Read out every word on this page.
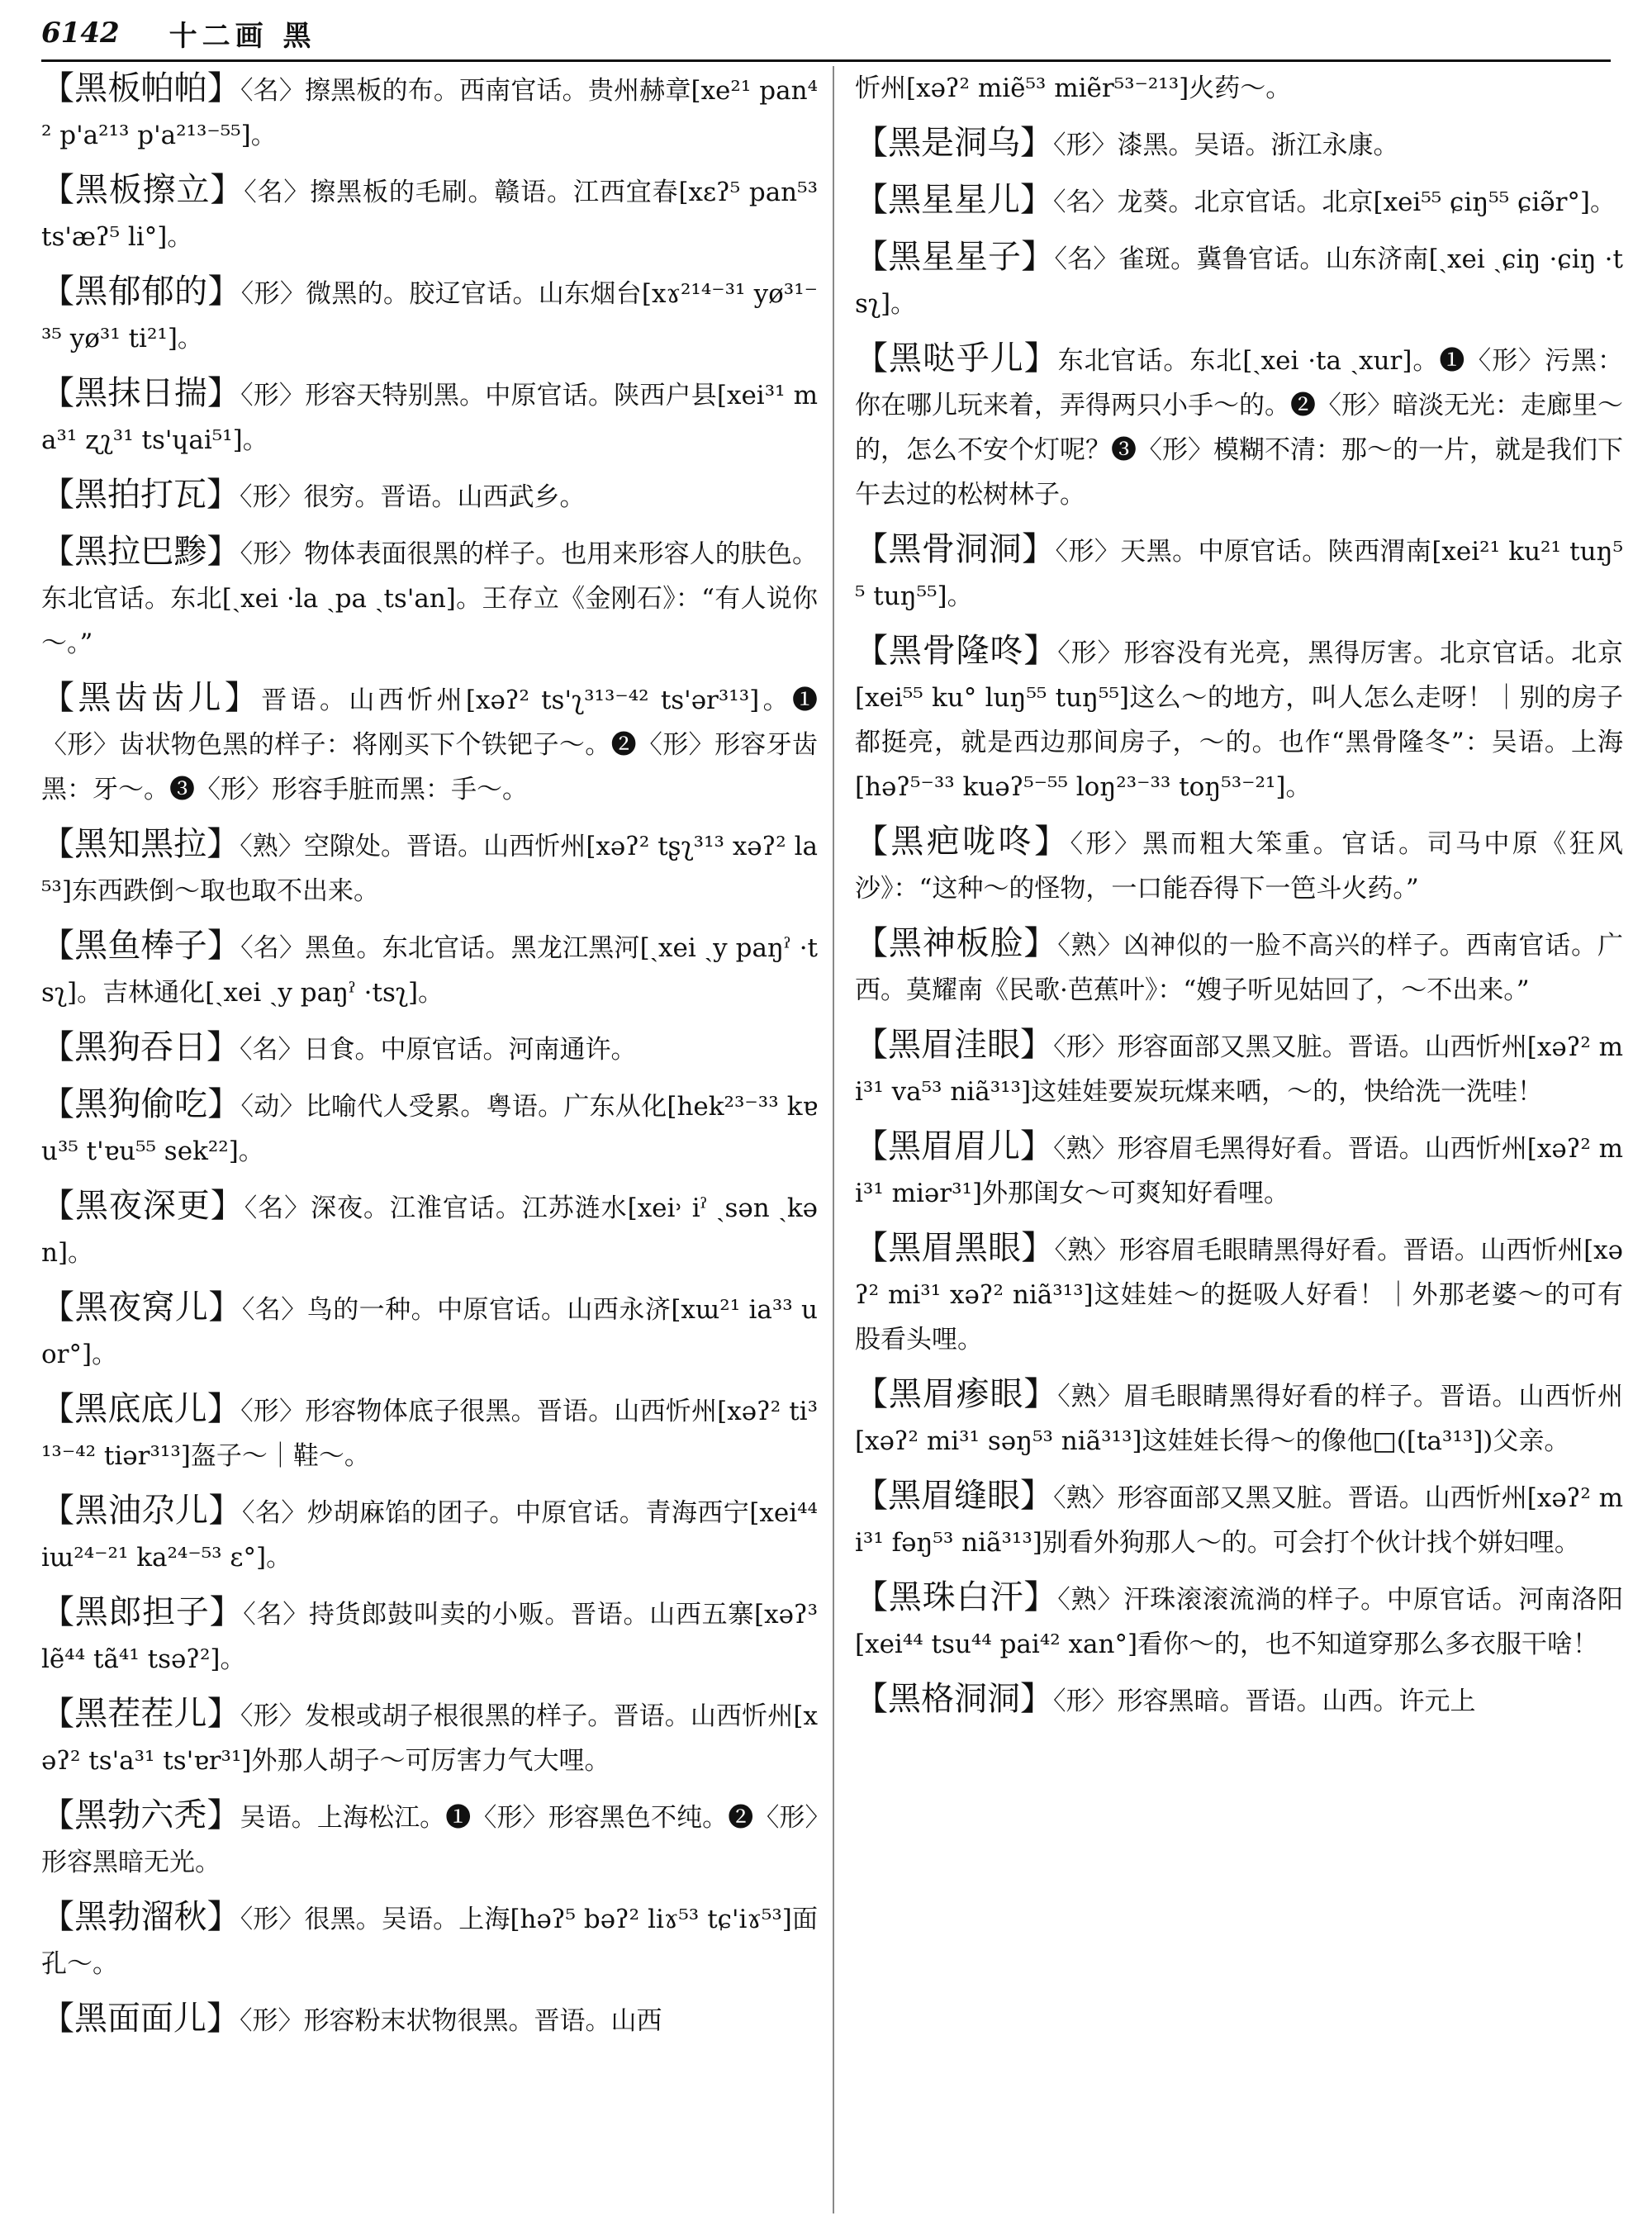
6142 十二画 黑
【黑板帕帕】〈名〉擦黑板的布。西南官话。贵州赫章[xe²¹ pan⁴² p'a²¹³ p'a²¹³⁻⁵⁵]。
【黑板擦立】〈名〉擦黑板的毛刷。赣语。江西宜春[xɛʔ⁵ pan⁵³ ts'æʔ⁵ li°]。
【黑郁郁的】〈形〉微黑的。胶辽官话。山东烟台[xɤ²¹⁴⁻³¹ yø³¹⁻³⁵ yø³¹ ti²¹]。
【黑抹日揣】〈形〉形容天特别黑。中原官话。陕西户县[xei³¹ ma³¹ ʐʅ³¹ ts'ɥai⁵¹]。
【黑拍打瓦】〈形〉很穷。晋语。山西武乡。
【黑拉巴黪】〈形〉物体表面很黑的样子。也用来形容人的肤色。东北官话。东北[ˏxei ·la ˏpa ˏts'an]。王存立《金刚石》：“有人说你～。”
【黑齿齿儿】晋语。山西忻州[xəʔ² ts'ʅ³¹³⁻⁴² ts'ər³¹³]。❶〈形〉齿状物色黑的样子：将刚买下个铁钯子～。❷〈形〉形容牙齿黑：牙～。❸〈形〉形容手脏而黑：手～。
【黑知黑拉】〈熟〉空隙处。晋语。山西忻州[xəʔ² tʂʅ³¹³ xəʔ² la⁵³]东西跌倒～取也取不出来。
【黑鱼棒子】〈名〉黑鱼。东北官话。黑龙江黑河[ˏxei ˏy paŋˀ ·tsʅ]。吉林通化[ˏxei ˏy paŋˀ ·tsʅ]。
【黑狗吞日】〈名〉日食。中原官话。河南通许。
【黑狗偷吃】〈动〉比喻代人受累。粤语。广东从化[hek²³⁻³³ kɐu³⁵ t'ɐu⁵⁵ sek²²]。
【黑夜深更】〈名〉深夜。江淮官话。江苏涟水[xei˒ iˀ ˏsən ˏkən]。
【黑夜窝儿】〈名〉鸟的一种。中原官话。山西永济[xɯ²¹ ia³³ uor°]。
【黑底底儿】〈形〉形容物体底子很黑。晋语。山西忻州[xəʔ² ti³¹³⁻⁴² tiər³¹³]盔子～｜鞋～。
【黑油尕儿】〈名〉炒胡麻馅的团子。中原官话。青海西宁[xei⁴⁴ iɯ²⁴⁻²¹ ka²⁴⁻⁵³ ɛ°]。
【黑郎担子】〈名〉持货郎鼓叫卖的小贩。晋语。山西五寨[xəʔ³ lẽ⁴⁴ tã⁴¹ tsəʔ²]。
【黑茬茬儿】〈形〉发根或胡子根很黑的样子。晋语。山西忻州[xəʔ² ts'a³¹ ts'ɐr³¹]外那人胡子～可厉害力气大哩。
【黑勃六秃】吴语。上海松江。❶〈形〉形容黑色不纯。❷〈形〉形容黑暗无光。
【黑勃溜秋】〈形〉很黑。吴语。上海[həʔ⁵ bəʔ² liɤ⁵³ tɕ'iɤ⁵³]面孔～。
【黑面面儿】〈形〉形容粉末状物很黑。晋语。山西
忻州[xəʔ² miẽ⁵³ miẽr⁵³⁻²¹³]火药～。
【黑是洞乌】〈形〉漆黑。吴语。浙江永康。
【黑星星儿】〈名〉龙葵。北京官话。北京[xei⁵⁵ ɕiŋ⁵⁵ ɕiə̃r°]。
【黑星星子】〈名〉雀斑。冀鲁官话。山东济南[ˏxei ˏɕiŋ ·ɕiŋ ·tsʅ]。
【黑哒乎儿】东北官话。东北[ˏxei ·ta ˏxur]。❶〈形〉污黑：你在哪儿玩来着，弄得两只小手～的。❷〈形〉暗淡无光：走廊里～的，怎么不安个灯呢？❸〈形〉模糊不清：那～的一片，就是我们下午去过的松树林子。
【黑骨洞洞】〈形〉天黑。中原官话。陕西渭南[xei²¹ ku²¹ tuŋ⁵⁵ tuŋ⁵⁵]。
【黑骨隆咚】〈形〉形容没有光亮，黑得厉害。北京官话。北京[xei⁵⁵ ku° luŋ⁵⁵ tuŋ⁵⁵]这么～的地方，叫人怎么走呀！｜别的房子都挺亮，就是西边那间房子，～的。也作“黑骨隆冬”：吴语。上海[həʔ⁵⁻³³ kuəʔ⁵⁻⁵⁵ loŋ²³⁻³³ toŋ⁵³⁻²¹]。
【黑疤咙咚】〈形〉黑而粗大笨重。官话。司马中原《狂风沙》：“这种～的怪物，一口能吞得下一笆斗火药。”
【黑神板脸】〈熟〉凶神似的一脸不高兴的样子。西南官话。广西。莫耀南《民歌·芭蕉叶》：“嫂子听见姑回了，～不出来。”
【黑眉洼眼】〈形〉形容面部又黑又脏。晋语。山西忻州[xəʔ² mi³¹ va⁵³ niã³¹³]这娃娃要炭玩煤来哂，～的，快给洗一洗哇！
【黑眉眉儿】〈熟〉形容眉毛黑得好看。晋语。山西忻州[xəʔ² mi³¹ miər³¹]外那闺女～可爽知好看哩。
【黑眉黑眼】〈熟〉形容眉毛眼睛黑得好看。晋语。山西忻州[xəʔ² mi³¹ xəʔ² niã³¹³]这娃娃～的挺吸人好看！｜外那老婆～的可有股看头哩。
【黑眉瘆眼】〈熟〉眉毛眼睛黑得好看的样子。晋语。山西忻州[xəʔ² mi³¹ səŋ⁵³ niã³¹³]这娃娃长得～的像他□([ta³¹³])父亲。
【黑眉缝眼】〈熟〉形容面部又黑又脏。晋语。山西忻州[xəʔ² mi³¹ fəŋ⁵³ niã³¹³]别看外狗那人～的。可会打个伙计找个姘妇哩。
【黑珠白汗】〈熟〉汗珠滚滚流淌的样子。中原官话。河南洛阳[xei⁴⁴ tsu⁴⁴ pai⁴² xan°]看你～的，也不知道穿那么多衣服干啥！
【黑格洞洞】〈形〉形容黑暗。晋语。山西。许元上
